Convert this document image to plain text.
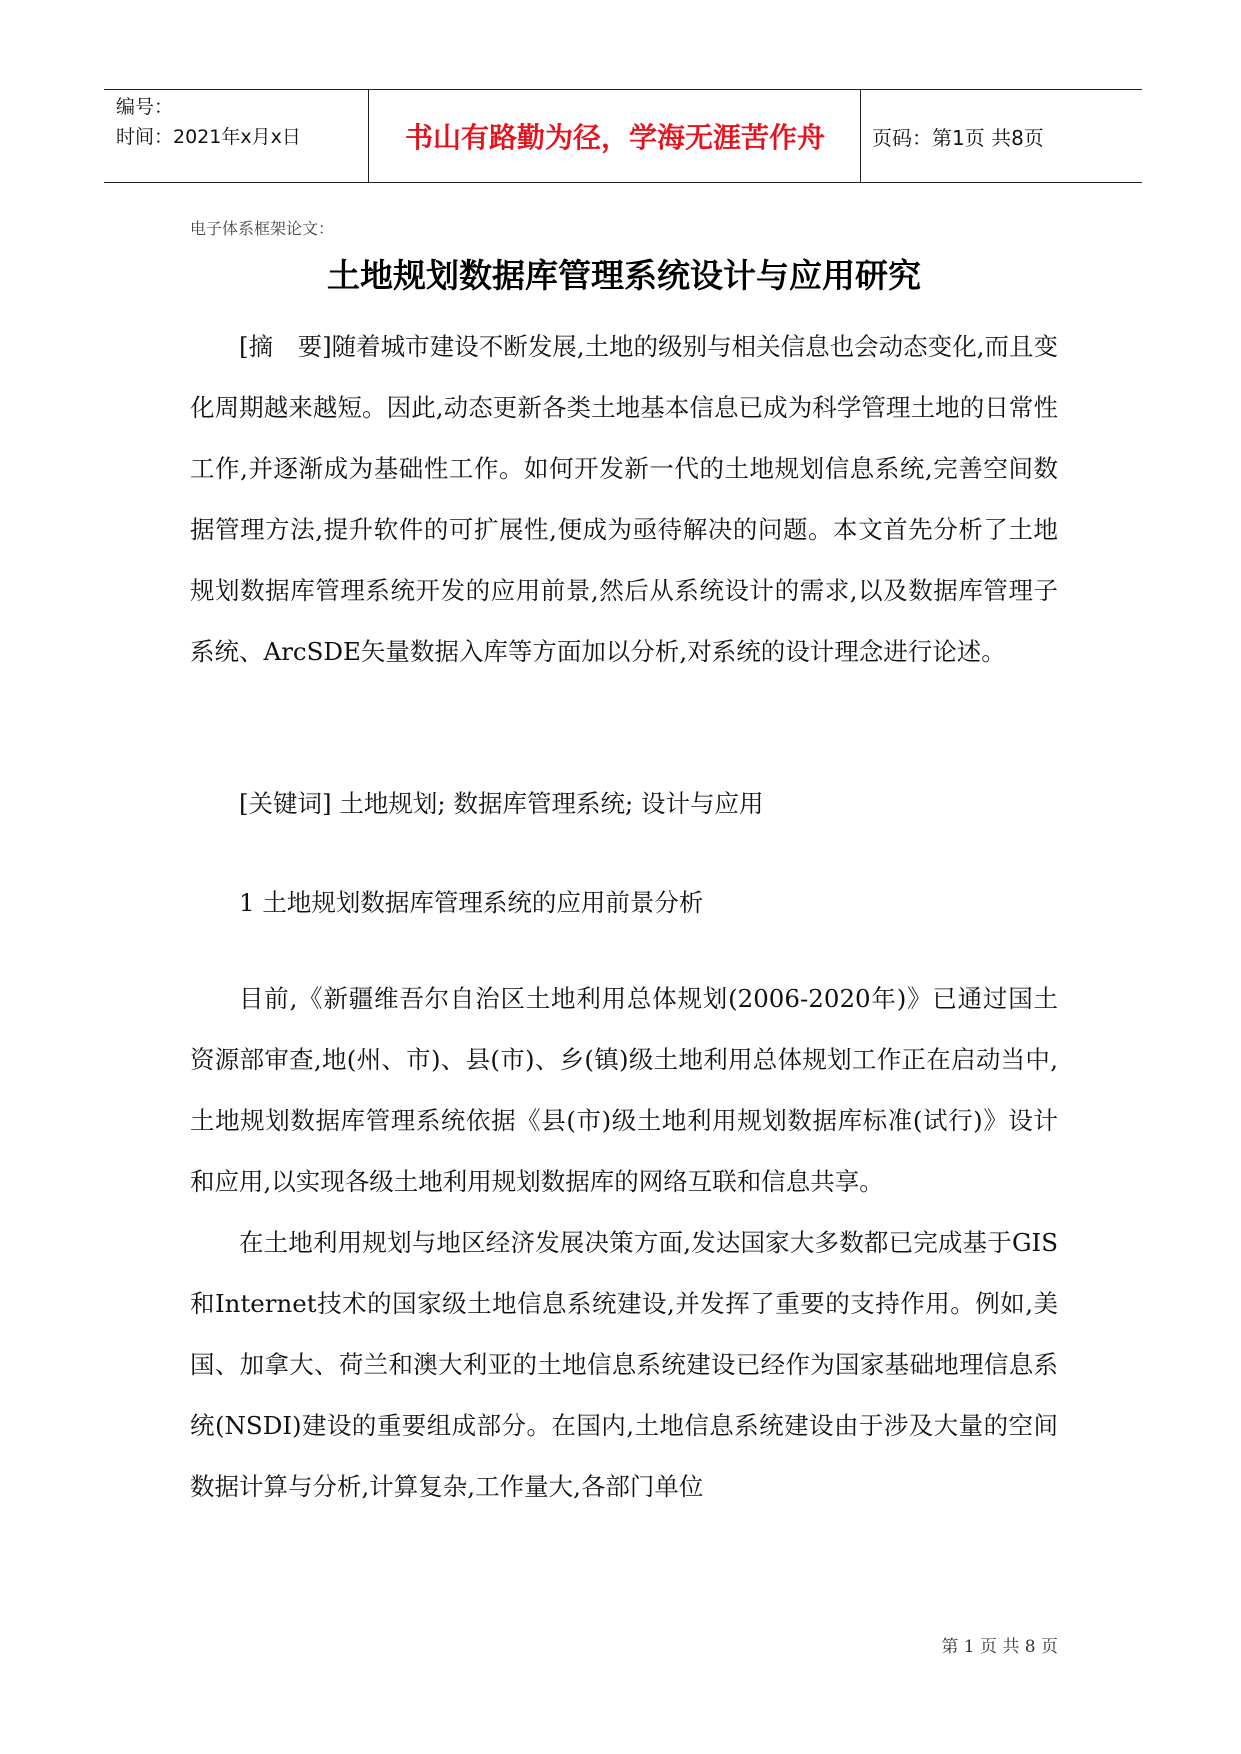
编号：
时间：2021年x月x日	书山有路勤为径，学海无涯苦作舟	页码：第1页 共8页
电子体系框架论文：
土地规划数据库管理系统设计与应用研究

[摘　要]随着城市建设不断发展,土地的级别与相关信息也会动态变化,而且变化周期越来越短。因此,动态更新各类土地基本信息已成为科学管理土地的日常性工作,并逐渐成为基础性工作。如何开发新一代的土地规划信息系统,完善空间数据管理方法,提升软件的可扩展性,便成为亟待解决的问题。本文首先分析了土地规划数据库管理系统开发的应用前景,然后从系统设计的需求,以及数据库管理子系统、ArcSDE矢量数据入库等方面加以分析,对系统的设计理念进行论述。

[关键词] 土地规划; 数据库管理系统; 设计与应用

1 土地规划数据库管理系统的应用前景分析

目前,《新疆维吾尔自治区土地利用总体规划(2006-2020年)》已通过国土资源部审查,地(州、市)、县(市)、乡(镇)级土地利用总体规划工作正在启动当中,土地规划数据库管理系统依据《县(市)级土地利用规划数据库标准(试行)》设计和应用,以实现各级土地利用规划数据库的网络互联和信息共享。

在土地利用规划与地区经济发展决策方面,发达国家大多数都已完成基于GIS和Internet技术的国家级土地信息系统建设,并发挥了重要的支持作用。例如,美国、加拿大、荷兰和澳大利亚的土地信息系统建设已经作为国家基础地理信息系统(NSDI)建设的重要组成部分。在国内,土地信息系统建设由于涉及大量的空间数据计算与分析,计算复杂,工作量大,各部门单位

第 1 页 共 8 页
